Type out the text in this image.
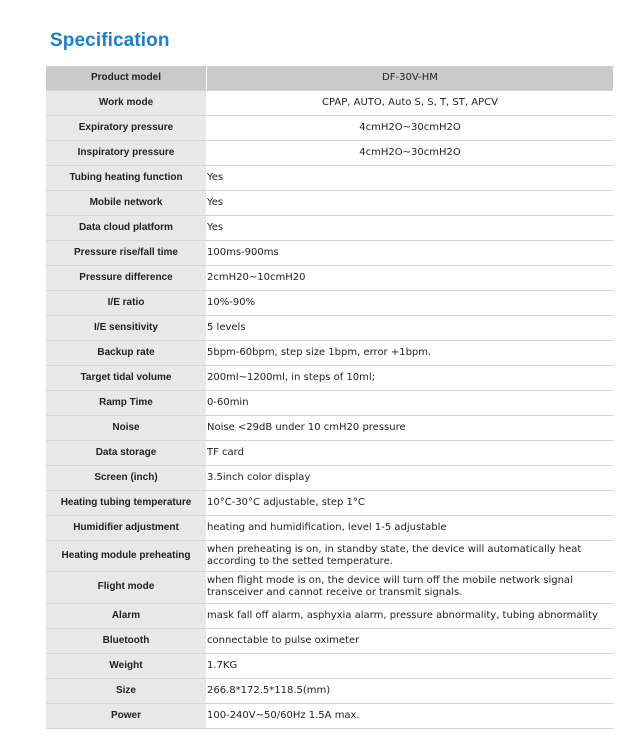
Specification
Product model	DF-30V-HM
Work mode	CPAP, AUTO, Auto S, S, T, ST, APCV
Expiratory pressure	4cmH2O~30cmH2O
Inspiratory pressure	4cmH2O~30cmH2O
Tubing heating function	Yes
Mobile network	Yes
Data cloud platform	Yes
Pressure rise/fall time	100ms-900ms
Pressure difference	2cmH20~10cmH20
I/E ratio	10%-90%
I/E sensitivity	5 levels
Backup rate	5bpm-60bpm, step size 1bpm, error +1bpm.
Target tidal volume	200ml~1200ml, in steps of 10ml;
Ramp Time	0-60min
Noise	Noise <29dB under 10 cmH20 pressure
Data storage	TF card
Screen (inch)	3.5inch color display
Heating tubing temperature	10°C-30°C adjustable, step 1°C
Humidifier adjustment	heating and humidification, level 1-5 adjustable
Heating module preheating	when preheating is on, in standby state, the device will automatically heat according to the setted temperature.
Flight mode	when flight mode is on, the device will turn off the mobile network signal transceiver and cannot receive or transmit signals.
Alarm	mask fall off alarm, asphyxia alarm, pressure abnormality, tubing abnormality
Bluetooth	connectable to pulse oximeter
Weight	1.7KG
Size	266.8*172.5*118.5(mm)
Power	100-240V~50/60Hz 1.5A max.
